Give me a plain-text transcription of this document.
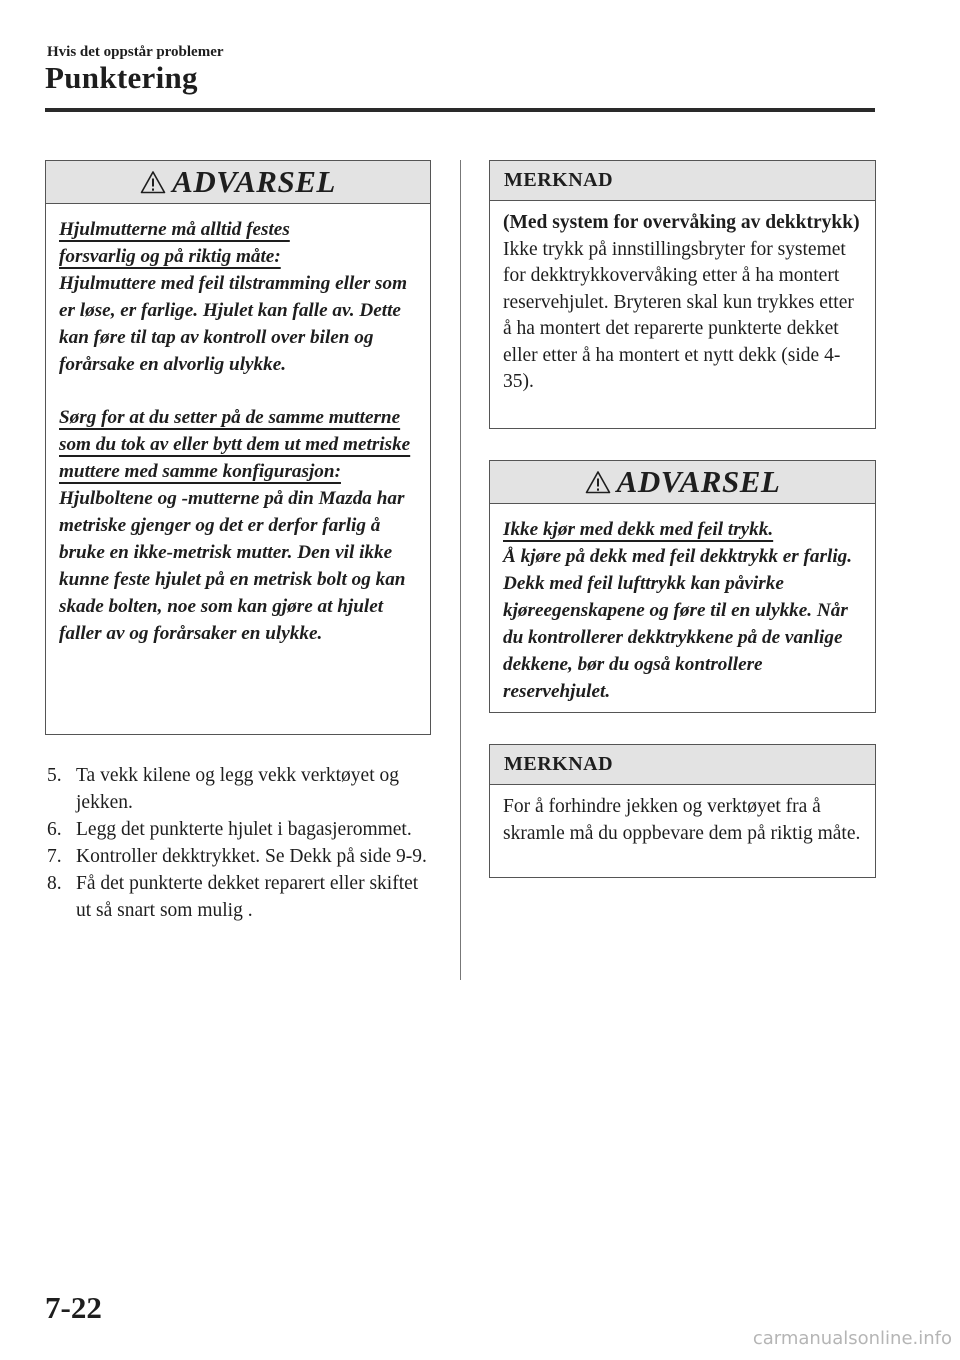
Hvis det oppstår problemer
Punktering
ADVARSEL
Hjulmutterne må alltid festes forsvarlig og på riktig måte:
Hjulmuttere med feil tilstramming eller som er løse, er farlige. Hjulet kan falle av. Dette kan føre til tap av kontroll over bilen og forårsake en alvorlig ulykke.
Sørg for at du setter på de samme mutterne som du tok av eller bytt dem ut med metriske muttere med samme konfigurasjon:
Hjulboltene og -mutterne på din Mazda har metriske gjenger og det er derfor farlig å bruke en ikke-metrisk mutter. Den vil ikke kunne feste hjulet på en metrisk bolt og kan skade bolten, noe som kan gjøre at hjulet faller av og forårsaker en ulykke.
5. Ta vekk kilene og legg vekk verktøyet og jekken.
6. Legg det punkterte hjulet i bagasjerommet.
7. Kontroller dekktrykket. Se Dekk på side 9-9.
8. Få det punkterte dekket reparert eller skiftet ut så snart som mulig .
MERKNAD
(Med system for overvåking av dekktrykk)
Ikke trykk på innstillingsbryter for systemet for dekktrykkovervåking etter å ha montert reservehjulet. Bryteren skal kun trykkes etter å ha montert det reparerte punkterte dekket eller etter å ha montert et nytt dekk (side 4-35).
ADVARSEL
Ikke kjør med dekk med feil trykk.
Å kjøre på dekk med feil dekktrykk er farlig. Dekk med feil lufttrykk kan påvirke kjøreegenskapene og føre til en ulykke. Når du kontrollerer dekktrykkene på de vanlige dekkene, bør du også kontrollere reservehjulet.
MERKNAD
For å forhindre jekken og verktøyet fra å skramle må du oppbevare dem på riktig måte.
7-22
carmanualsonline.info
